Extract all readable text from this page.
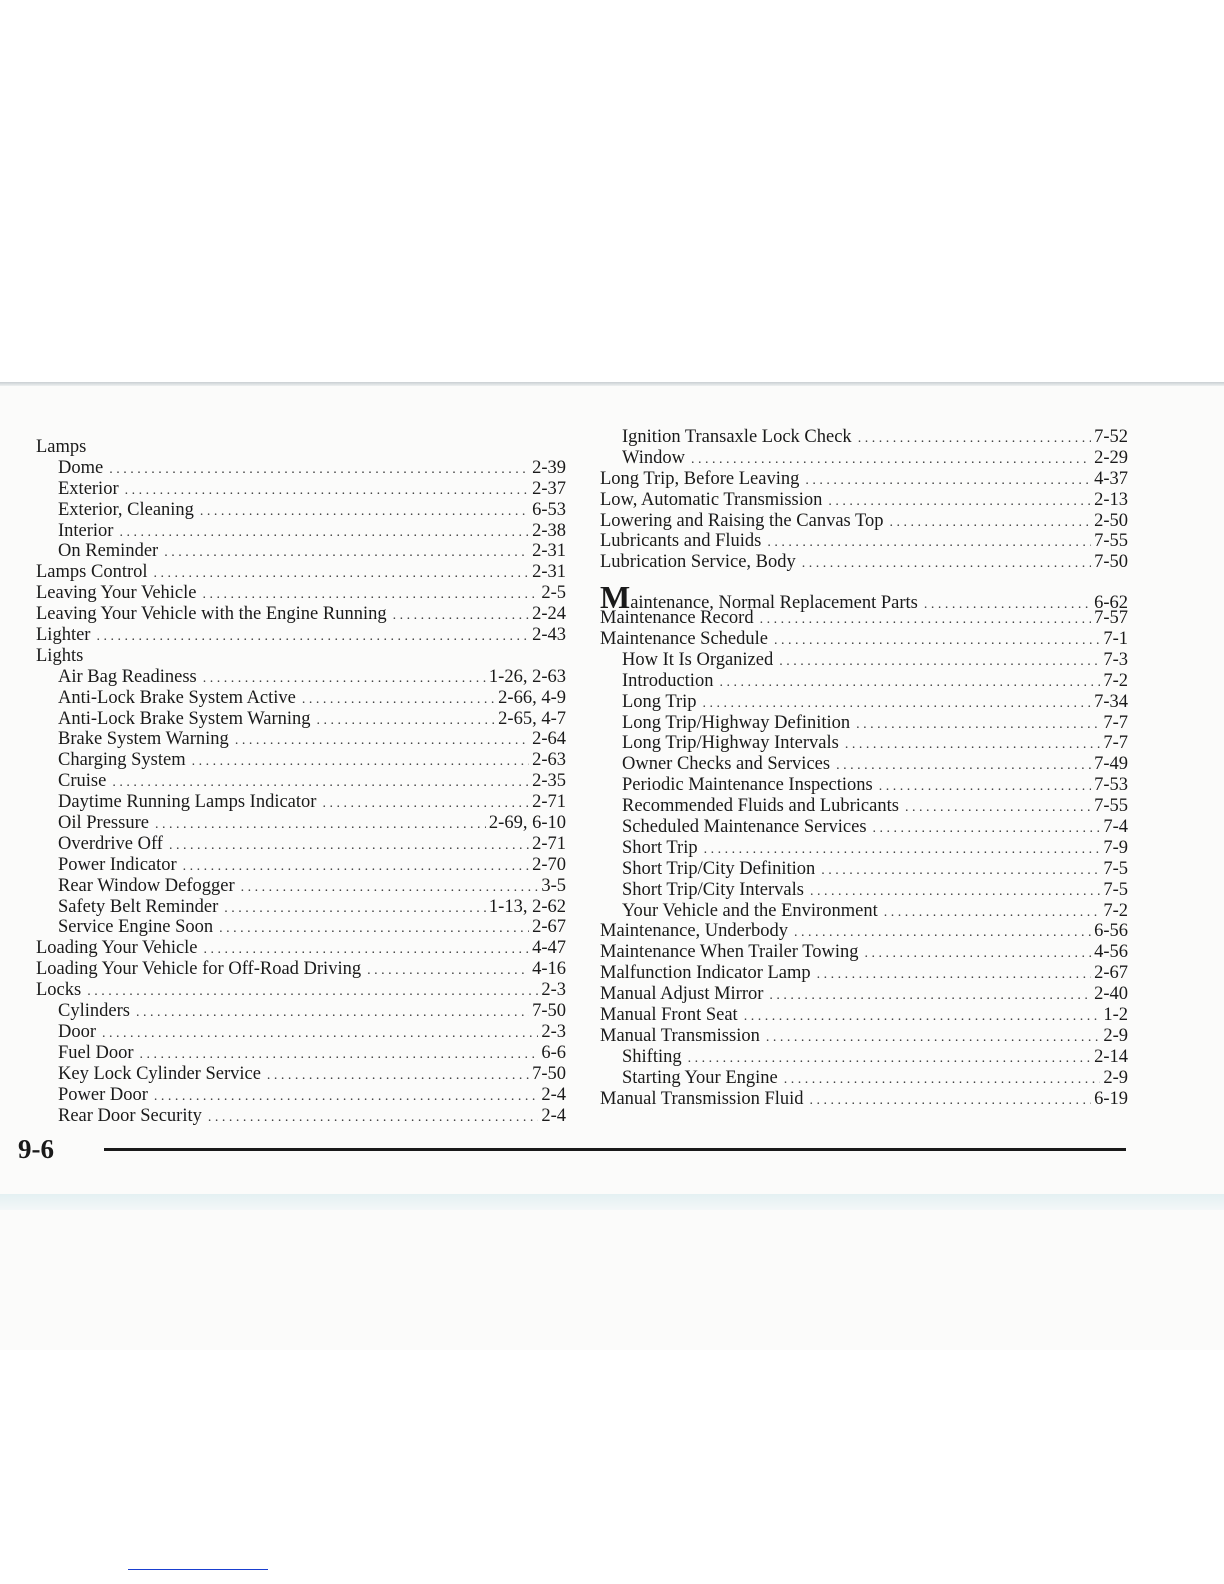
Lamps
Dome . . .	2-39
Exterior . . .	2-37
Exterior, Cleaning . . .	6-53
Interior . . .	2-38
On Reminder . . .	2-31
Lamps Control . . .	2-31
Leaving Your Vehicle . . .	2-5
Leaving Your Vehicle with the Engine Running . . .	2-24
Lighter . . .	2-43
Lights
Air Bag Readiness . . .	1-26, 2-63
Anti-Lock Brake System Active . . .	2-66, 4-9
Anti-Lock Brake System Warning . . .	2-65, 4-7
Brake System Warning . . .	2-64
Charging System . . .	2-63
Cruise . . .	2-35
Daytime Running Lamps Indicator . . .	2-71
Oil Pressure . . .	2-69, 6-10
Overdrive Off . . .	2-71
Power Indicator . . .	2-70
Rear Window Defogger . . .	3-5
Safety Belt Reminder . . .	1-13, 2-62
Service Engine Soon . . .	2-67
Loading Your Vehicle . . .	4-47
Loading Your Vehicle for Off-Road Driving . . .	4-16
Locks . . .	2-3
Cylinders . . .	7-50
Door . . .	2-3
Fuel Door . . .	6-6
Key Lock Cylinder Service . . .	7-50
Power Door . . .	2-4
Rear Door Security . . .	2-4
Ignition Transaxle Lock Check . . .	7-52
Window . . .	2-29
Long Trip, Before Leaving . . .	4-37
Low, Automatic Transmission . . .	2-13
Lowering and Raising the Canvas Top . . .	2-50
Lubricants and Fluids . . .	7-55
Lubrication Service, Body . . .	7-50
Maintenance, Normal Replacement Parts . . .	6-62
Maintenance Record . . .	7-57
Maintenance Schedule . . .	7-1
How It Is Organized . . .	7-3
Introduction . . .	7-2
Long Trip . . .	7-34
Long Trip/Highway Definition . . .	7-7
Long Trip/Highway Intervals . . .	7-7
Owner Checks and Services . . .	7-49
Periodic Maintenance Inspections . . .	7-53
Recommended Fluids and Lubricants . . .	7-55
Scheduled Maintenance Services . . .	7-4
Short Trip . . .	7-9
Short Trip/City Definition . . .	7-5
Short Trip/City Intervals . . .	7-5
Your Vehicle and the Environment . . .	7-2
Maintenance, Underbody . . .	6-56
Maintenance When Trailer Towing . . .	4-56
Malfunction Indicator Lamp . . .	2-67
Manual Adjust Mirror . . .	2-40
Manual Front Seat . . .	1-2
Manual Transmission . . .	2-9
Shifting . . .	2-14
Starting Your Engine . . .	2-9
Manual Transmission Fluid . . .	6-19
9-6
